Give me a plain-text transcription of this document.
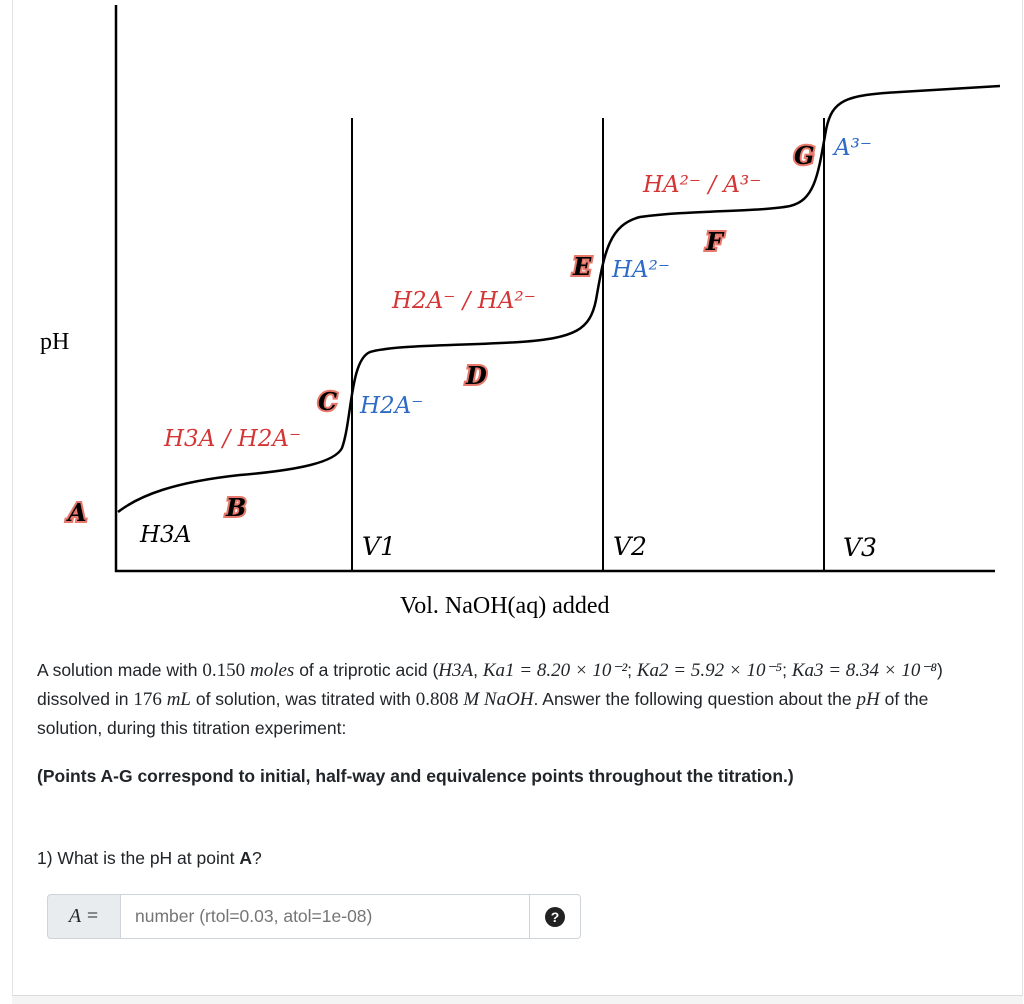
pH
Vol. NaOH(aq) added
V1	V2	V3
H3A
H3A / H2A⁻
H2A⁻
H2A⁻ / HA²⁻
HA²⁻
HA²⁻ / A³⁻
A³⁻
A	B
C
D
E
F
G
A solution made with 0.150 moles of a triprotic acid (H3A, Ka1 = 8.20 × 10⁻²; Ka2 = 5.92 × 10⁻⁵; Ka3 = 8.34 × 10⁻⁸) dissolved in 176 mL of solution, was titrated with 0.808 M NaOH. Answer the following question about the pH of the solution, during this titration experiment:
(Points A-G correspond to initial, half-way and equivalence points throughout the titration.)
1) What is the pH at point A?
A =
number (rtol=0.03, atol=1e-08)	?
